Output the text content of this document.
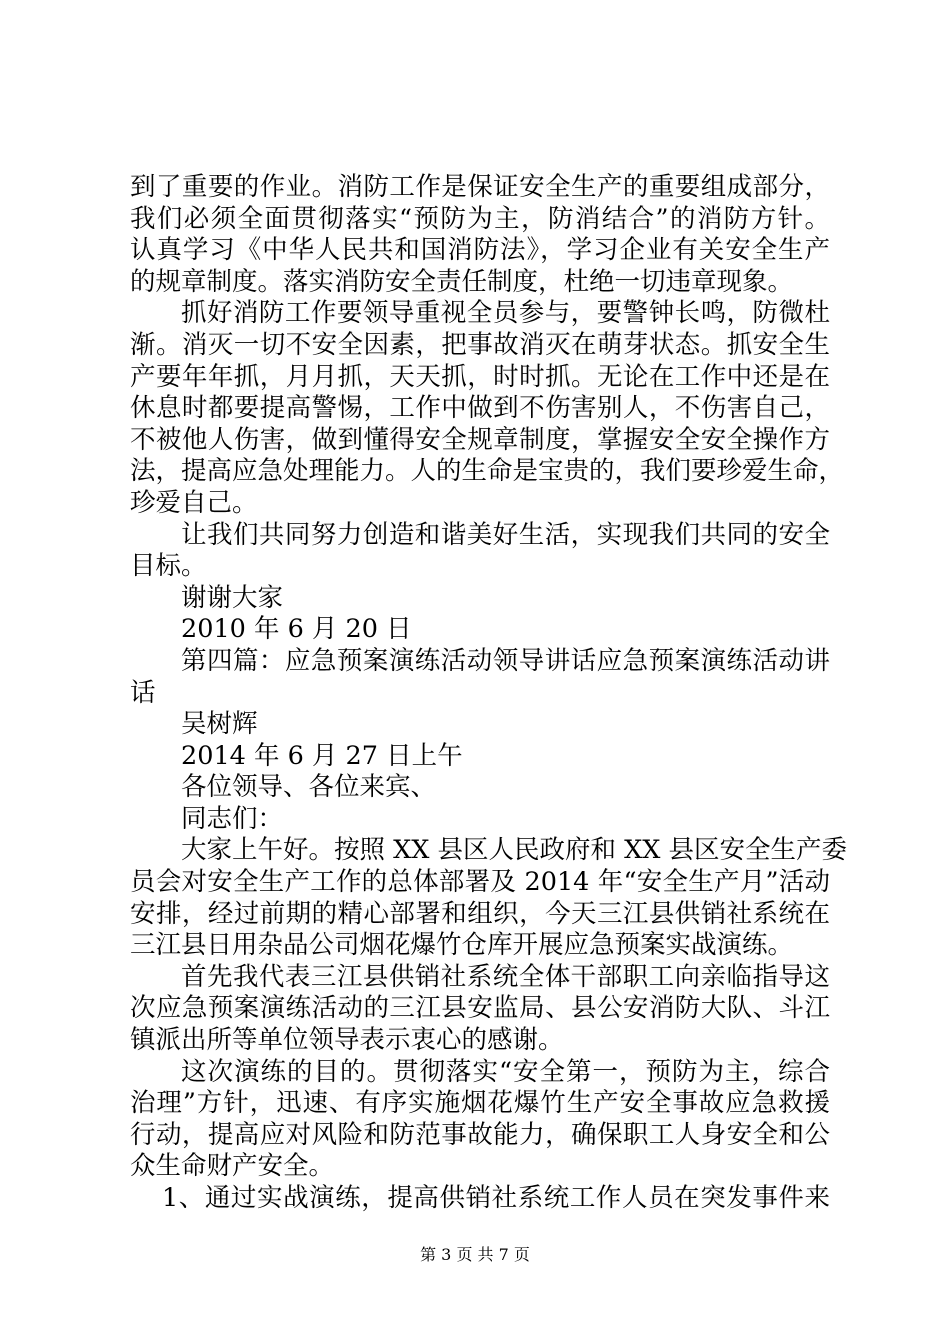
到了重要的作业。消防工作是保证安全生产的重要组成部分，
我们必须全面贯彻落实“预防为主，防消结合”的消防方针。
认真学习《中华人民共和国消防法》，学习企业有关安全生产
的规章制度。落实消防安全责任制度，杜绝一切违章现象。
抓好消防工作要领导重视全员参与，要警钟长鸣，防微杜
渐。消灭一切不安全因素，把事故消灭在萌芽状态。抓安全生
产要年年抓，月月抓，天天抓，时时抓。无论在工作中还是在
休息时都要提高警惕，工作中做到不伤害别人，不伤害自己，
不被他人伤害，做到懂得安全规章制度，掌握安全安全操作方
法，提高应急处理能力。人的生命是宝贵的，我们要珍爱生命，
珍爱自己。
让我们共同努力创造和谐美好生活，实现我们共同的安全
目标。
谢谢大家
2010 年 6 月 20 日
第四篇：应急预案演练活动领导讲话应急预案演练活动讲
话
吴树辉
2014 年 6 月 27 日上午
各位领导、各位来宾、
同志们：
大家上午好。按照 XX 县区人民政府和 XX 县区安全生产委
员会对安全生产工作的总体部署及 2014 年“安全生产月”活动
安排，经过前期的精心部署和组织，今天三江县供销社系统在
三江县日用杂品公司烟花爆竹仓库开展应急预案实战演练。
首先我代表三江县供销社系统全体干部职工向亲临指导这
次应急预案演练活动的三江县安监局、县公安消防大队、斗江
镇派出所等单位领导表示衷心的感谢。
这次演练的目的。贯彻落实“安全第一，预防为主，综合
治理”方针，迅速、有序实施烟花爆竹生产安全事故应急救援
行动，提高应对风险和防范事故能力，确保职工人身安全和公
众生命财产安全。
1、通过实战演练，提高供销社系统工作人员在突发事件来
第 3 页 共 7 页
